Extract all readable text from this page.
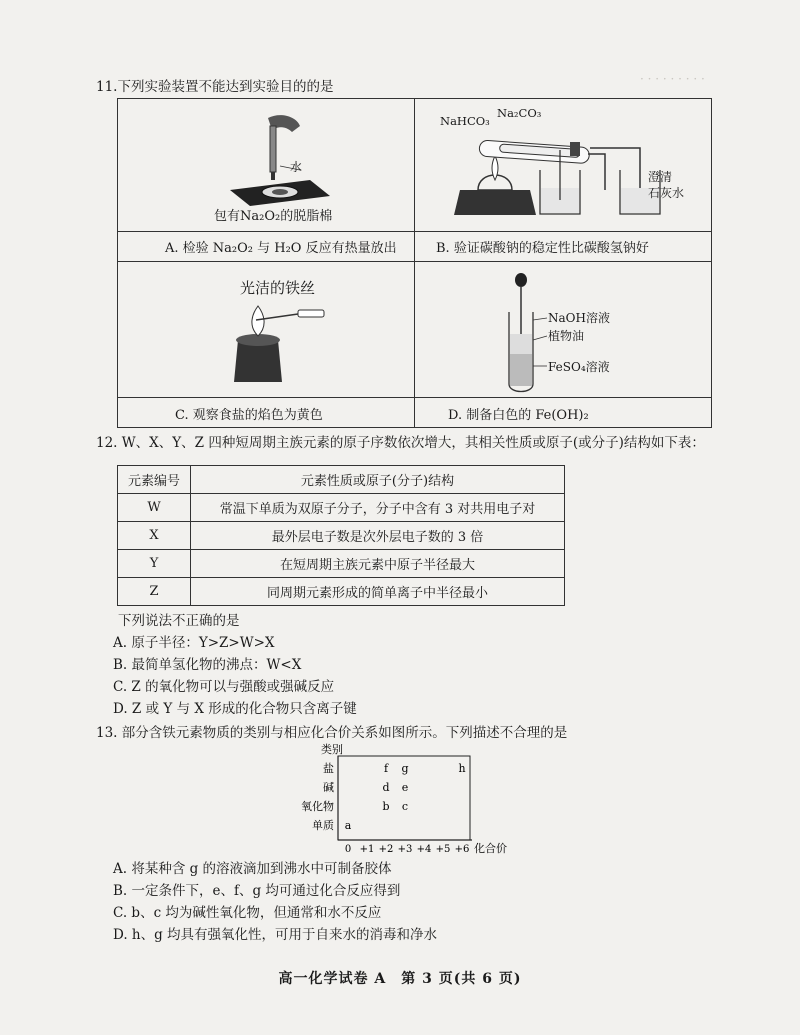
· · · · · · · · ·
11.下列实验装置不能达到实验目的的是
水
包有Na₂O₂的脱脂棉
A. 检验 Na₂O₂ 与 H₂O 反应有热量放出
NaHCO₃
Na₂CO₃
澄清
石灰水
B. 验证碳酸钠的稳定性比碳酸氢钠好
光洁的铁丝
C. 观察食盐的焰色为黄色
NaOH溶液
植物油
FeSO₄溶液
D. 制备白色的 Fe(OH)₂
12. W、X、Y、Z 四种短周期主族元素的原子序数依次增大，其相关性质或原子(或分子)结构如下表：
元素编号	元素性质或原子(分子)结构
W	常温下单质为双原子分子，分子中含有 3 对共用电子对
X	最外层电子数是次外层电子数的 3 倍
Y	在短周期主族元素中原子半径最大
Z	同周期元素形成的简单离子中半径最小
下列说法不正确的是
A. 原子半径：Y>Z>W>X
B. 最简单氢化物的沸点：W<X
C. Z 的氧化物可以与强酸或强碱反应
D. Z 或 Y 与 X 形成的化合物只含离子键
13. 部分含铁元素物质的类别与相应化合价关系如图所示。下列描述不合理的是
类别
化合价
盐
碱
氧化物
单质
0 +1 +2 +3 +4 +5 +6
a
b c
d e
f g	h
A. 将某种含 g 的溶液滴加到沸水中可制备胶体
B. 一定条件下，e、f、g 均可通过化合反应得到
C. b、c 均为碱性氧化物，但通常和水不反应
D. h、g 均具有强氧化性，可用于自来水的消毒和净水
高一化学试卷 A　第 3 页(共 6 页)
